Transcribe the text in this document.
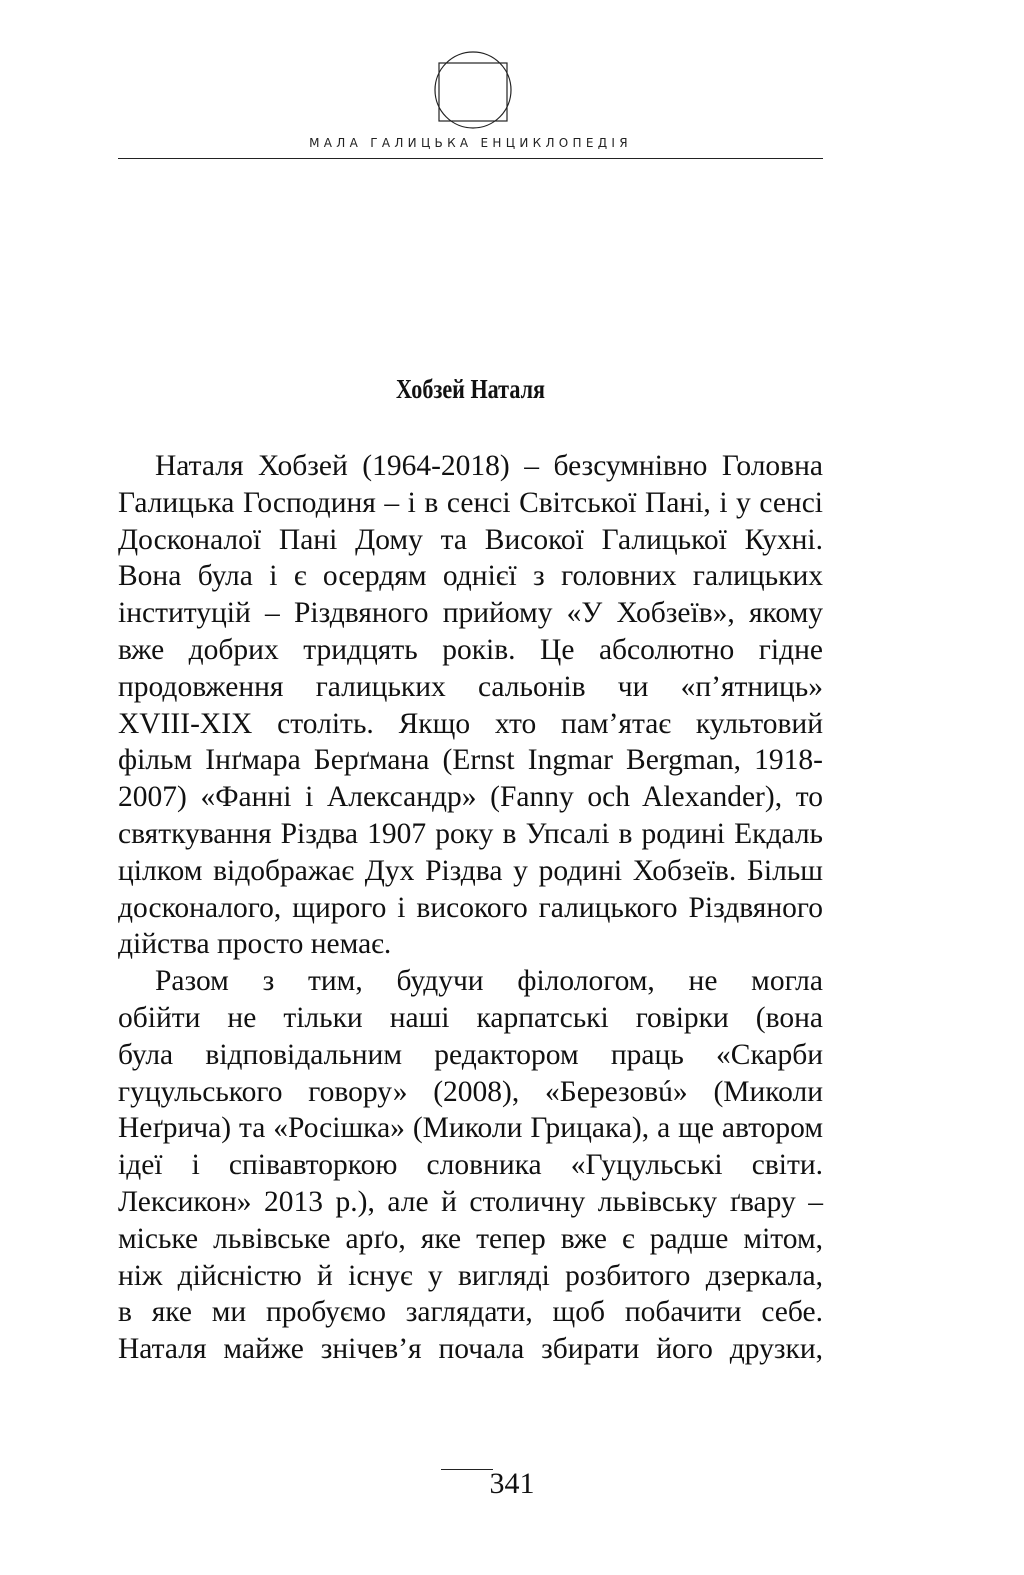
МАЛА ГАЛИЦЬКА ЕНЦИКЛОПЕДІЯ
Хобзей Наталя
Наталя Хобзей (1964-2018) – безсумнівно Головна
Галицька Господиня – і в сенсі Світської Пані, і у сенсі
Досконалої Пані Дому та Високої Галицької Кухні.
Вона була і є осердям однієї з головних галицьких
інституцій – Різдвяного прийому «У Хобзеїв», якому
вже добрих тридцять років. Це абсолютно гідне
продовження галицьких сальонів чи «п’ятниць»
XVIII-XIX століть. Якщо хто пам’ятає культовий
фільм Інґмара Берґмана (Ernst Ingmar Bergman, 1918-
2007) «Фанні і Александр» (Fanny och Alexander), то
святкування Різдва 1907 року в Упсалі в родині Екдаль
цілком відображає Дух Різдва у родині Хобзеїв. Більш
досконалого, щирого і високого галицького Різдвяного
дійства просто немає.
Разом з тим, будучи філологом, не могла
обійти не тільки наші карпатські говірки (вона
була відповідальним редактором праць «Скарби
гуцульського говору» (2008), «Березовú» (Миколи
Неґрича) та «Росішка» (Миколи Грицака), а ще автором
ідеї і співавторкою словника «Гуцульські світи.
Лексикон» 2013 р.), але й столичну львівську ґвару –
міське львівське арґо, яке тепер вже є радше мітом,
ніж дійсністю й існує у вигляді розбитого дзеркала,
в яке ми пробуємо заглядати, щоб побачити себе.
Наталя майже знічев’я почала збирати його друзки,
341
